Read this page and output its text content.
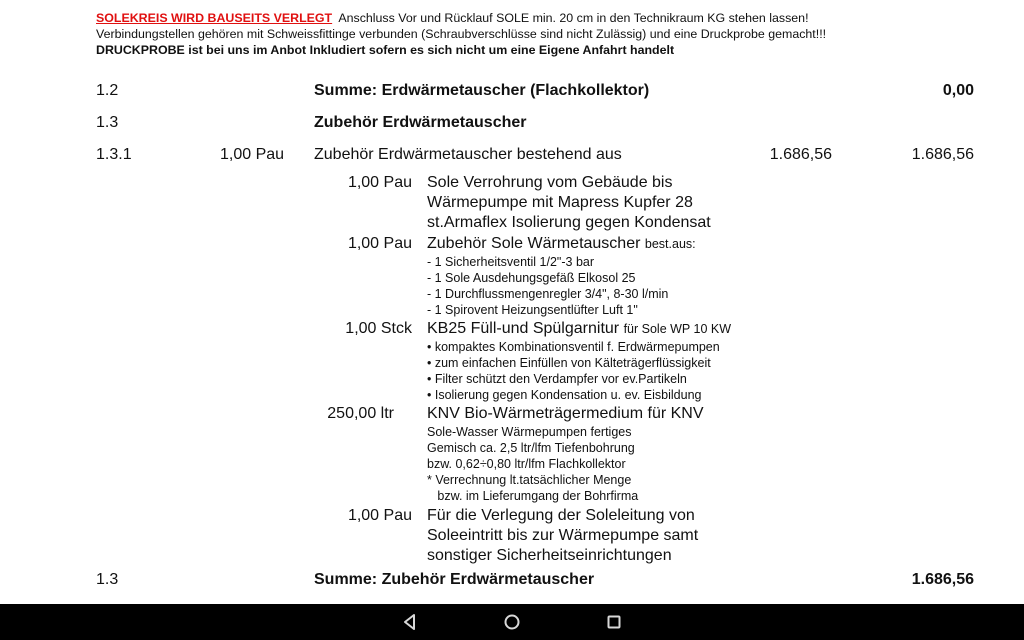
SOLEKREIS WIRD BAUSEITS VERLEGT Anschluss Vor und Rücklauf SOLE min. 20 cm in den Technikraum KG stehen lassen! Verbindungstellen gehören mit Schweissfittinge verbunden (Schraubverschlüsse sind nicht Zulässig) und eine Druckprobe gemacht!!!
DRUCKPROBE ist bei uns im Anbot Inkludiert sofern es sich nicht um eine Eigene Anfahrt handelt
1.2	Summe: Erdwärmetauscher (Flachkollektor)	0,00
1.3	Zubehör Erdwärmetauscher
1.3.1	1,00 Pau Zubehör Erdwärmetauscher bestehend aus	1.686,56	1.686,56
1,00 Pau Sole Verrohrung vom Gebäude bis
Wärmepumpe mit Mapress Kupfer 28
st.Armaflex Isolierung gegen Kondensat
1,00 Pau Zubehör Sole Wärmetauscher best.aus:
- 1 Sicherheitsventil 1/2"-3 bar
- 1 Sole Ausdehungsgefäß Elkosol 25
- 1 Durchflussmengenregler 3/4", 8-30 l/min
- 1 Spirovent Heizungsentlüfter Luft 1"
1,00 Stck KB25 Füll-und Spülgarnitur für Sole WP 10 KW
• kompaktes Kombinationsventil f. Erdwärmepumpen
• zum einfachen Einfüllen von Kälteträgerflüssigkeit
• Filter schützt den Verdampfer vor ev.Partikeln
• Isolierung gegen Kondensation u. ev. Eisbildung
250,00 ltr KNV Bio-Wärmeträgermedium für KNV
Sole-Wasser Wärmepumpen fertiges
Gemisch ca. 2,5 ltr/lfm Tiefenbohrung
bzw. 0,62÷0,80 ltr/lfm Flachkollektor
* Verrechnung lt.tatsächlicher Menge
bzw. im Lieferumgang der Bohrfirma
1,00 Pau Für die Verlegung der Soleleitung von
Soleeintritt bis zur Wärmepumpe samt
sonstiger Sicherheitseinrichtungen
1.3	Summe: Zubehör Erdwärmetauscher	1.686,56
